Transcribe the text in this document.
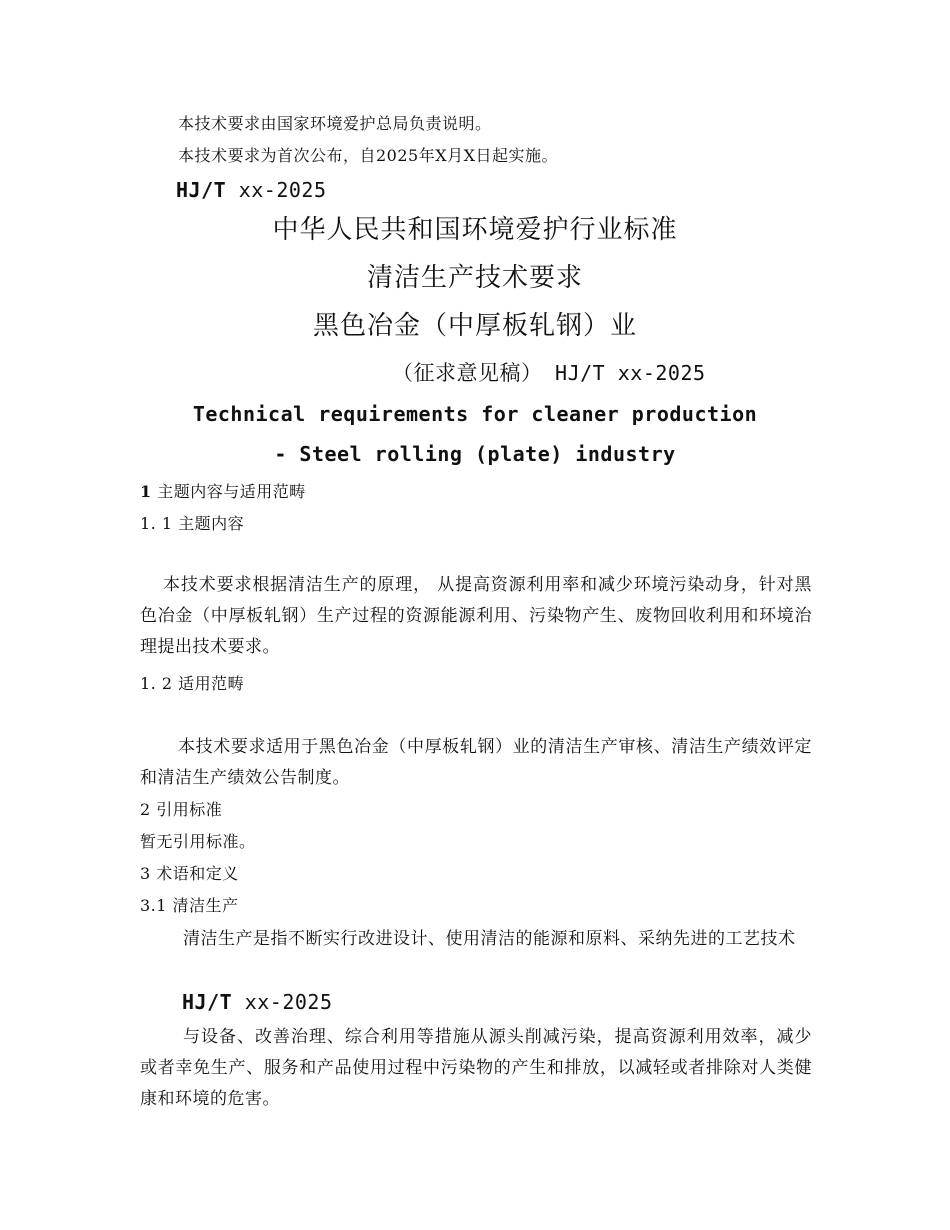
本技术要求由国家环境爱护总局负责说明。
本技术要求为首次公布，自2025年X月X日起实施。
HJ/T xx-2025
中华人民共和国环境爱护行业标准
清洁生产技术要求
黑色冶金（中厚板轧钢）业
（征求意见稿） HJ/T xx-2025
Technical requirements for cleaner production
- Steel rolling (plate) industry
1 主题内容与适用范畴
1. 1 主题内容
本技术要求根据清洁生产的原理， 从提高资源利用率和减少环境污染动身，针对黑色冶金（中厚板轧钢）生产过程的资源能源利用、污染物产生、废物回收利用和环境治理提出技术要求。
1. 2 适用范畴
本技术要求适用于黑色冶金（中厚板轧钢）业的清洁生产审核、清洁生产绩效评定和清洁生产绩效公告制度。
2 引用标准
暂无引用标准。
3 术语和定义
3.1 清洁生产
清洁生产是指不断实行改进设计、使用清洁的能源和原料、采纳先进的工艺技术
HJ/T xx-2025
与设备、改善治理、综合利用等措施从源头削减污染，提高资源利用效率，减少或者幸免生产、服务和产品使用过程中污染物的产生和排放，以减轻或者排除对人类健康和环境的危害。
